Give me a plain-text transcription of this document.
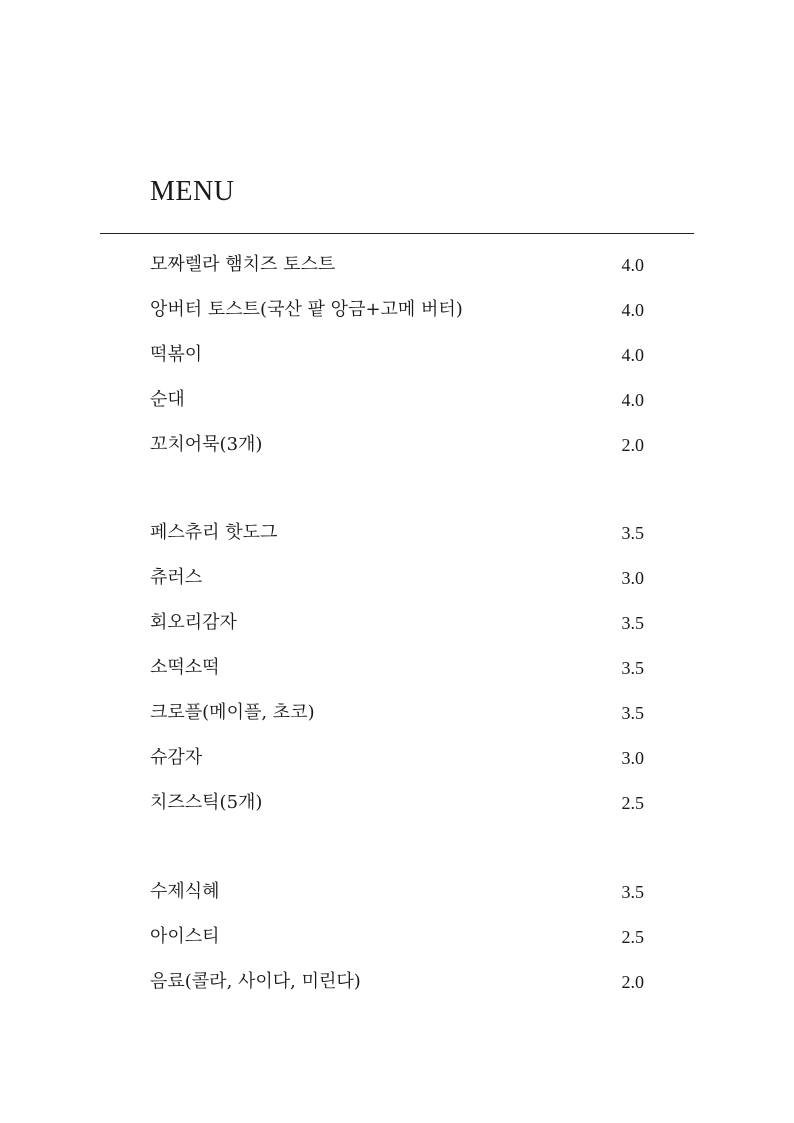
MENU
모짜렐라 햄치즈 토스트	4.0
앙버터 토스트(국산 팥 앙금+고메 버터)	4.0
떡볶이	4.0
순대	4.0
꼬치어묵(3개)	2.0
페스츄리 핫도그	3.5
츄러스	3.0
회오리감자	3.5
소떡소떡	3.5
크로플(메이플, 초코)	3.5
슈감자	3.0
치즈스틱(5개)	2.5
수제식혜	3.5
아이스티	2.5
음료(콜라, 사이다, 미린다)	2.0
